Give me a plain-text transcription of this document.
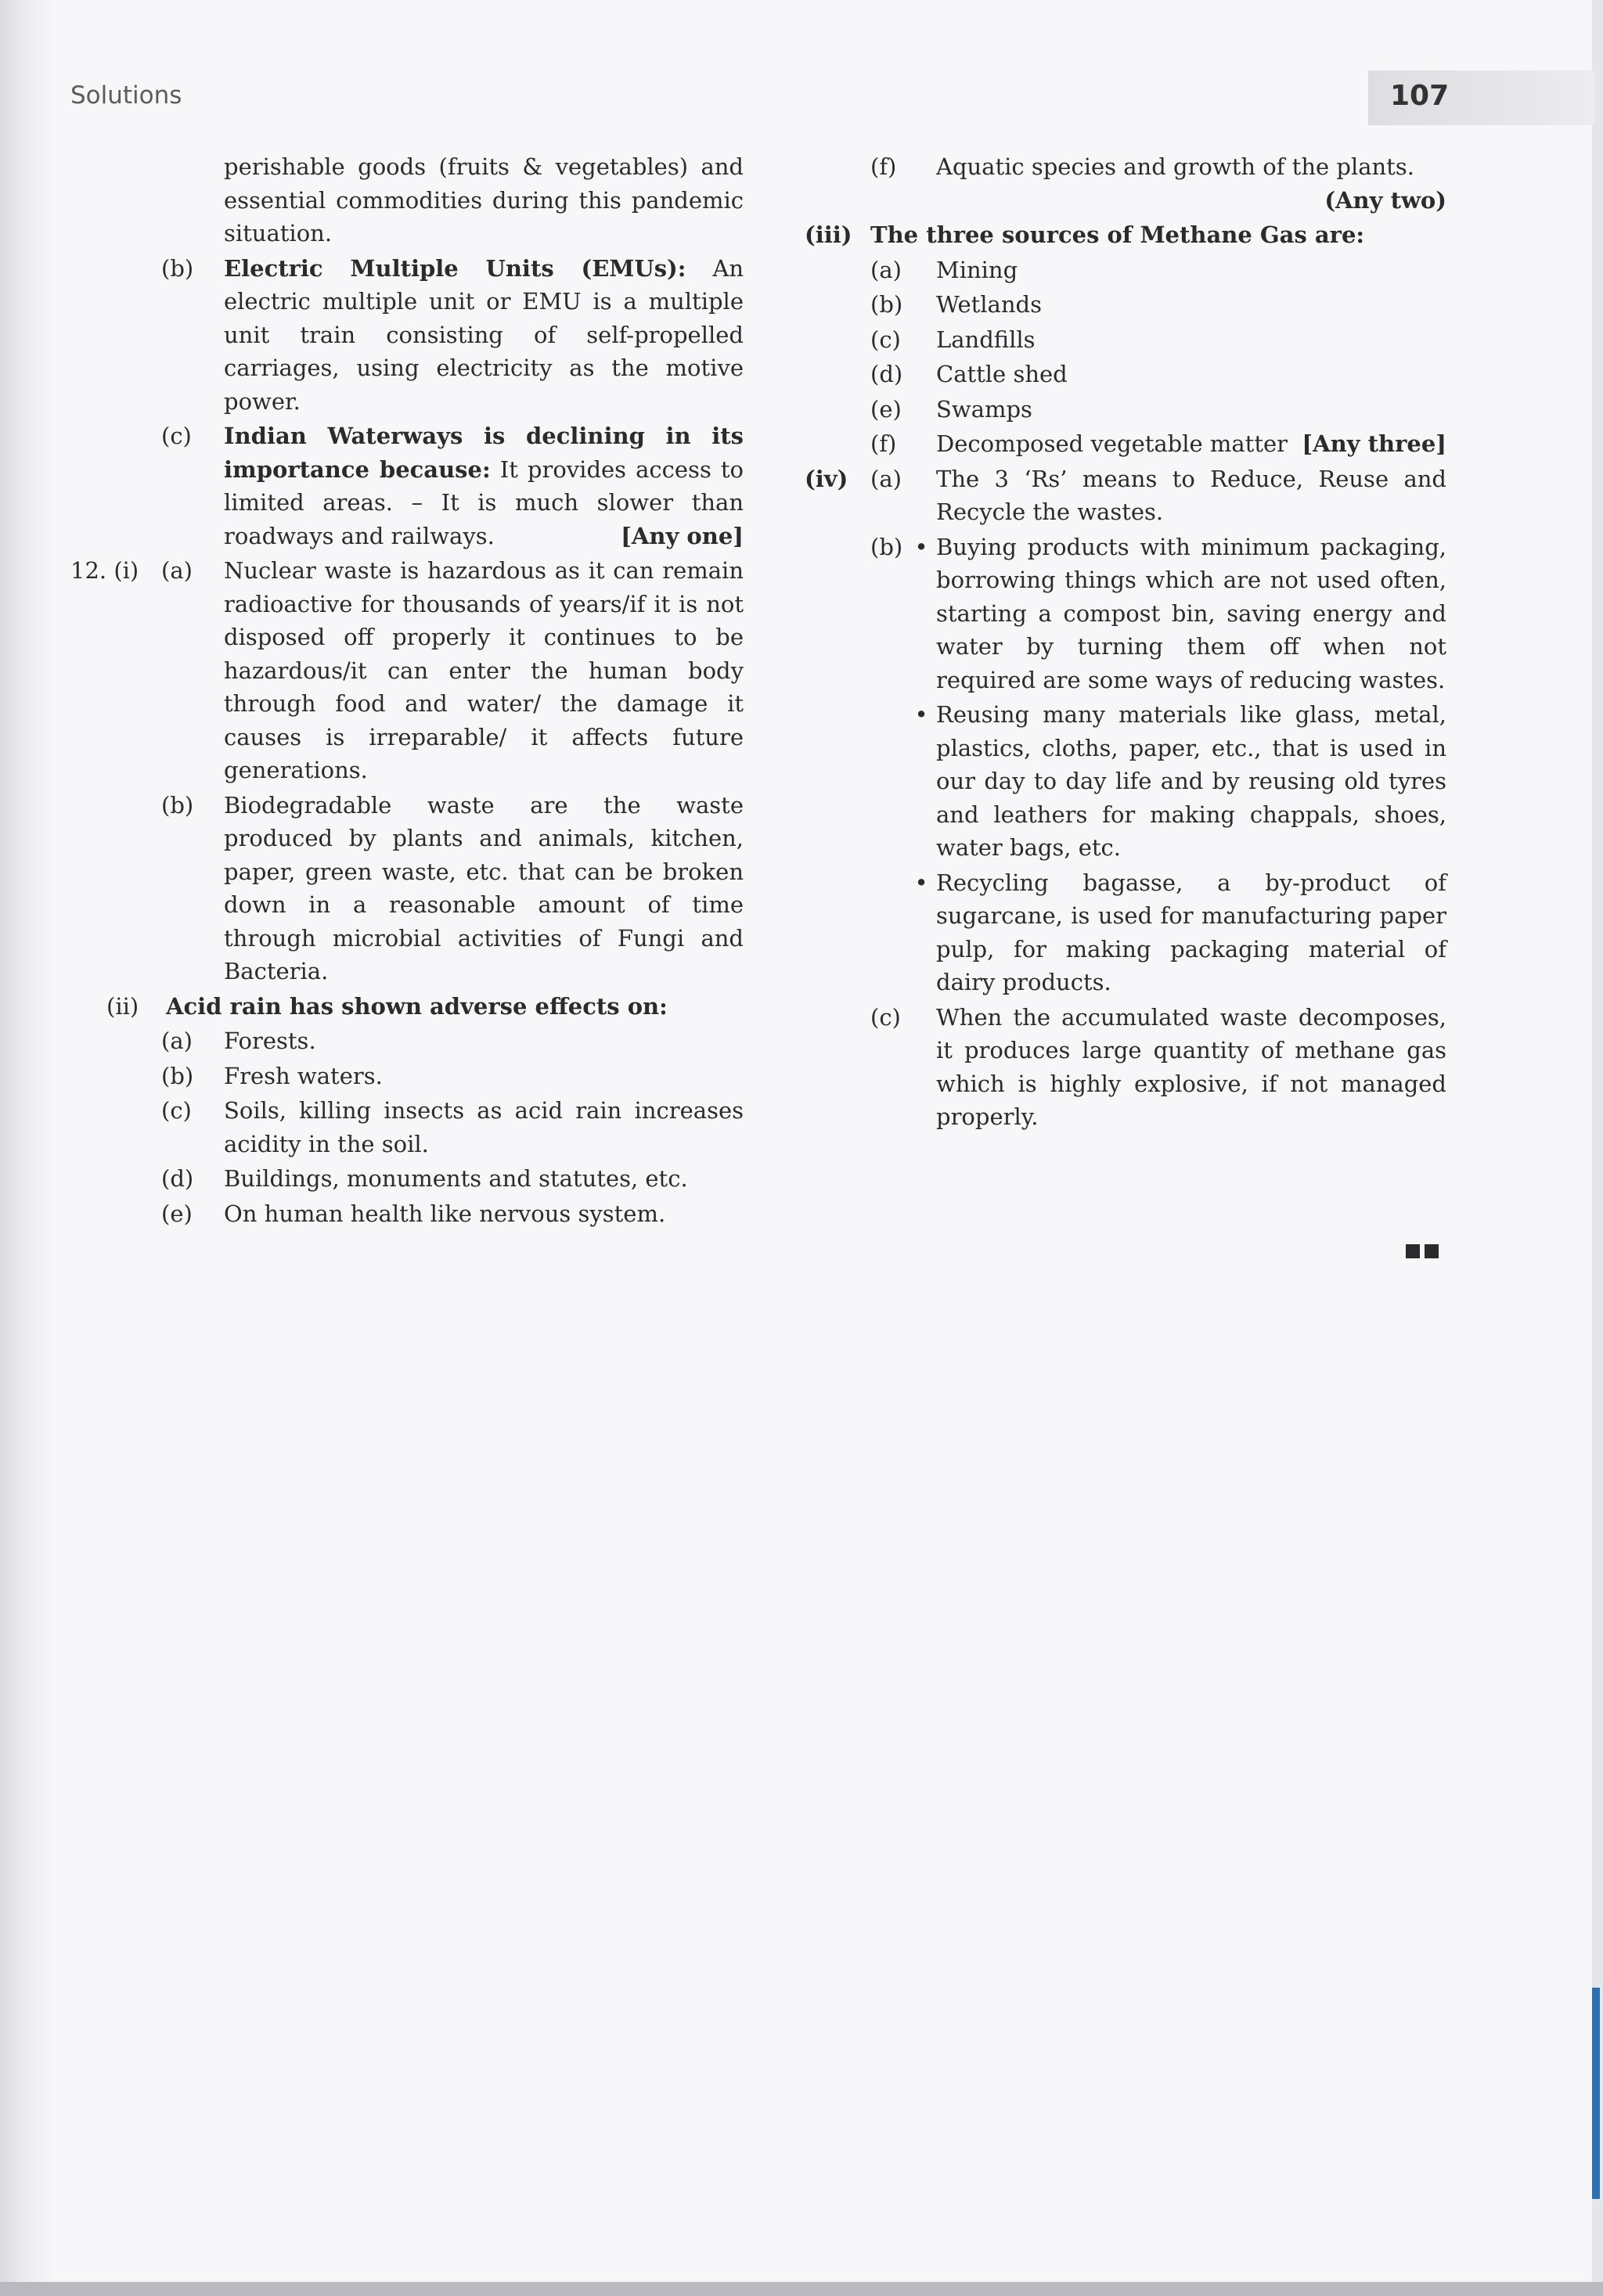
Solutions	107
perishable goods (fruits & vegetables) and essential commodities during this pandemic situation.
(b)	Electric Multiple Units (EMUs): An electric multiple unit or EMU is a multiple unit train consisting of self-propelled carriages, using electricity as the motive power.
(c)	Indian Waterways is declining in its importance because: It provides access to limited areas. – It is much slower than roadways and railways.	[Any one]
12. (i) (a)	Nuclear waste is hazardous as it can remain radioactive for thousands of years/if it is not disposed off properly it continues to be hazardous/it can enter the human body through food and water/ the damage it causes is irreparable/ it affects future generations.
(b)	Biodegradable waste are the waste produced by plants and animals, kitchen, paper, green waste, etc. that can be broken down in a reasonable amount of time through microbial activities of Fungi and Bacteria.
(ii)	Acid rain has shown adverse effects on:
(a)	Forests.
(b)	Fresh waters.
(c)	Soils, killing insects as acid rain increases acidity in the soil.
(d)	Buildings, monuments and statutes, etc.
(e)	On human health like nervous system.
(f)	Aquatic species and growth of the plants.
(Any two)
(iii) The three sources of Methane Gas are:
(a)	Mining
(b)	Wetlands
(c)	Landfills
(d)	Cattle shed
(e)	Swamps
(f)	Decomposed vegetable matter [Any three]
(iv) (a)	The 3 ‘Rs’ means to Reduce, Reuse and Recycle the wastes.
(b) • Buying products with minimum packaging, borrowing things which are not used often, starting a compost bin, saving energy and water by turning them off when not required are some ways of reducing wastes.
• Reusing many materials like glass, metal, plastics, cloths, paper, etc., that is used in our day to day life and by reusing old tyres and leathers for making chappals, shoes, water bags, etc.
• Recycling bagasse, a by-product of sugarcane, is used for manufacturing paper pulp, for making packaging material of dairy products.
(c)	When the accumulated waste decomposes, it produces large quantity of methane gas which is highly explosive, if not managed properly.
